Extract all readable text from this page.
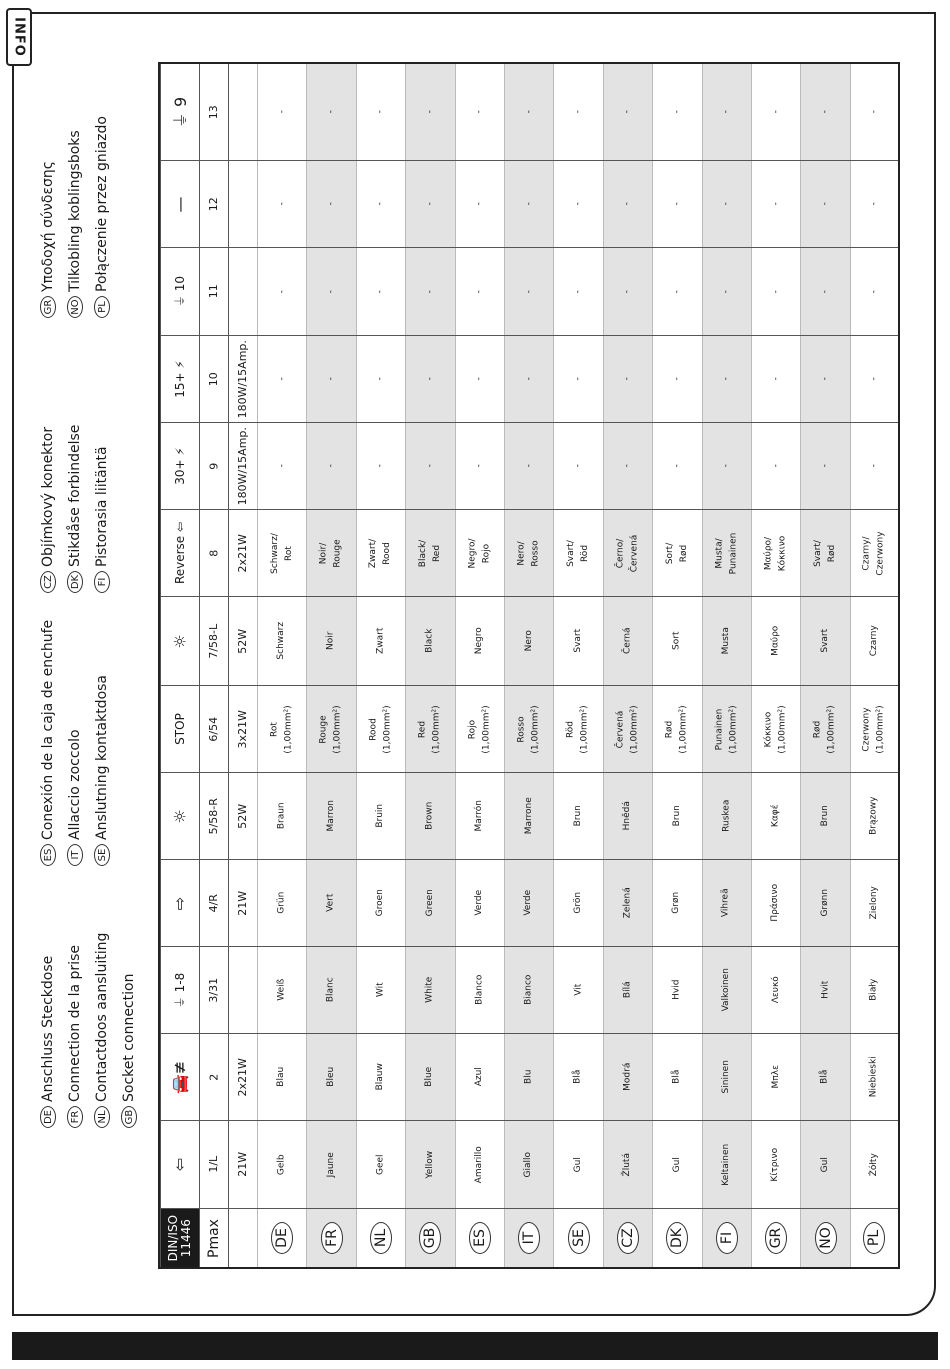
INFO
DE
Anschluss Steckdose
FR
Connection de la prise
NL
Contactdoos aansluiting
GB
Socket connection
ES
Conexión de la caja de enchufe
IT
Allaccio zoccolo
SE
Anslutning kontaktdosa
CZ
Objímkový konektor
DK
Stikdåse forbindelse
FI
Pistorasia liitäntä
GR
Υποδοχή σύνδεσης
NO
Tilkobling koblingsboks
PL
Połączenie przez gniazdo
⇦ 1/L 21W	Gelb	Jaune	Geel	Yellow	Amarillo	Giallo	Gul	Žlutá	Gul	Keltainen	Κίτρινο	Gul	Żółty
🚘≢ 2 2x21W	Blau	Bleu	Blauw	Blue	Azul	Blu	Blå	Modrá	Blå	Sininen	Μπλε	Blå	Niebieski
⏚ 1-8 3/31	Weiß	Blanc	Wit	White	Blanco	Bianco	Vit	Bílá	Hvid	Valkoinen	Λευκό	Hvit	Biały
⇨ 4/R 21W	Grün	Vert	Groen	Green	Verde	Verde	Grön	Zelená	Grøn	Vihreä	Πράσινο	Grønn	Zielony
☼ 5/58-R 52W	Braun	Marron	Bruin	Brown	Marrón	Marrone	Brun	Hnědá	Brun	Ruskea	Καφέ	Brun	Brązowy
STOP 6/54 3x21W Rot (1,00mm²)	Rouge (1,00mm²)	Rood (1,00mm²)	Red (1,00mm²)	Rojo (1,00mm²)	Rosso (1,00mm²)	Röd (1,00mm²)	Červená (1,00mm²)	Rød (1,00mm²)	Punainen (1,00mm²)	Κόκκινο (1,00mm²)	Rød (1,00mm²)	Czerwony (1,00mm²)
☼ 7/58-L 52W	Schwarz	Noir	Zwart	Black	Negro	Nero	Svart	Černá	Sort	Musta	Μαύρο	Svart	Czarny
Reverse ⇦ 8 2x21W Schwarz/ Rot	Noir/ Rouge	Zwart/ Rood	Black/ Red	Negro/ Rojo	Nero/ Rosso	Svart/ Röd	Černo/ Červená	Sort/ Rød	Musta/ Punainen	Μαύρο/ Κόκκινο	Svart/ Rød	Czarny/ Czerwony
30+ ⚡ 9 180W/15Amp.	-	-	-	-	-	-	-	-	-	-	-	-	-
15+ ⚡ 10 180W/15Amp.	-	-	-	-	-	-	-	-	-	-	-	-	-
⏚ 10 11	-	-	-	-	-	-	-	-	-	-	-	-	-
— 12	-	-	-	-	-	-	-	-	-	-	-	-	-
⏚ 9 13	-	-	-	-	-	-	-	-	-	-	-	-	-
DIN/ISO 11446 Pmax	DE FR NL GB ES IT SE CZ DK FI GR NO PL
